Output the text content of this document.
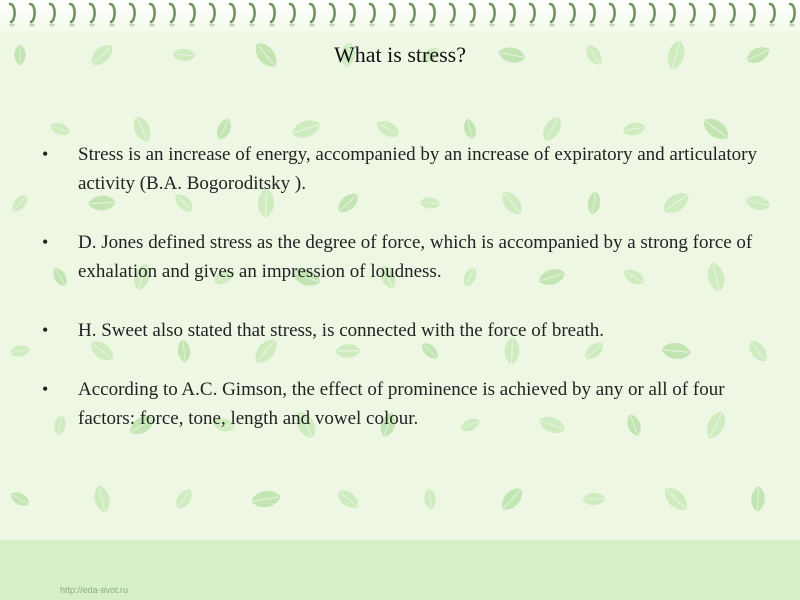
What is stress?
• Stress is an increase of energy, accompanied by an increase of expiratory and articulatory activity (B.A. Bogoroditsky ).
• D. Jones defined stress as the degree of force, which is accompanied by a strong force of exhalation and gives an impression of loudness.
• H. Sweet also stated that stress, is connected with the force of breath.
• According to A.C. Gimson, the effect of prominence is achieved by any or all of four factors: force, tone, length and vowel colour.
http://eda-avot.ru
